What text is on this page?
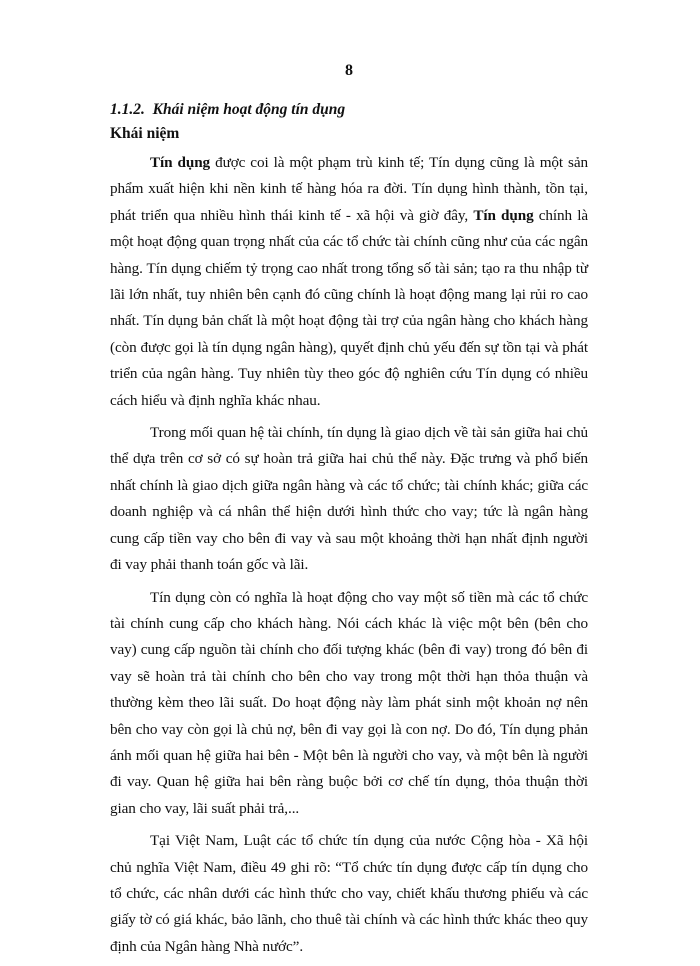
8

1.1.2. Khái niệm hoạt động tín dụng

Khái niệm

Tín dụng được coi là một phạm trù kinh tế; Tín dụng cũng là một sản phẩm xuất hiện khi nền kinh tế hàng hóa ra đời. Tín dụng hình thành, tồn tại, phát triển qua nhiều hình thái kinh tế - xã hội và giờ đây, Tín dụng chính là một hoạt động quan trọng nhất của các tổ chức tài chính cũng như của các ngân hàng. Tín dụng chiếm tỷ trọng cao nhất trong tổng số tài sản; tạo ra thu nhập từ lãi lớn nhất, tuy nhiên bên cạnh đó cũng chính là hoạt động mang lại rủi ro cao nhất. Tín dụng bản chất là một hoạt động tài trợ của ngân hàng cho khách hàng (còn được gọi là tín dụng ngân hàng), quyết định chủ yếu đến sự tồn tại và phát triển của ngân hàng. Tuy nhiên tùy theo góc độ nghiên cứu Tín dụng có nhiều cách hiểu và định nghĩa khác nhau.

Trong mối quan hệ tài chính, tín dụng là giao dịch về tài sản giữa hai chủ thể dựa trên cơ sở có sự hoàn trả giữa hai chủ thể này. Đặc trưng và phổ biến nhất chính là giao dịch giữa ngân hàng và các tổ chức; tài chính khác; giữa các doanh nghiệp và cá nhân thể hiện dưới hình thức cho vay; tức là ngân hàng cung cấp tiền vay cho bên đi vay và sau một khoảng thời hạn nhất định người đi vay phải thanh toán gốc và lãi.

Tín dụng còn có nghĩa là hoạt động cho vay một số tiền mà các tổ chức tài chính cung cấp cho khách hàng. Nói cách khác là việc một bên (bên cho vay) cung cấp nguồn tài chính cho đối tượng khác (bên đi vay) trong đó bên đi vay sẽ hoàn trả tài chính cho bên cho vay trong một thời hạn thỏa thuận và thường kèm theo lãi suất. Do hoạt động này làm phát sinh một khoản nợ nên bên cho vay còn gọi là chủ nợ, bên đi vay gọi là con nợ. Do đó, Tín dụng phản ánh mối quan hệ giữa hai bên - Một bên là người cho vay, và một bên là người đi vay. Quan hệ giữa hai bên ràng buộc bởi cơ chế tín dụng, thỏa thuận thời gian cho vay, lãi suất phải trả,...

Tại Việt Nam, Luật các tổ chức tín dụng của nước Cộng hòa - Xã hội chủ nghĩa Việt Nam, điều 49 ghi rõ: “Tổ chức tín dụng được cấp tín dụng cho tổ chức, các nhân dưới các hình thức cho vay, chiết khấu thương phiếu và các giấy tờ có giá khác, bảo lãnh, cho thuê tài chính và các hình thức khác theo quy định của Ngân hàng Nhà nước”.
